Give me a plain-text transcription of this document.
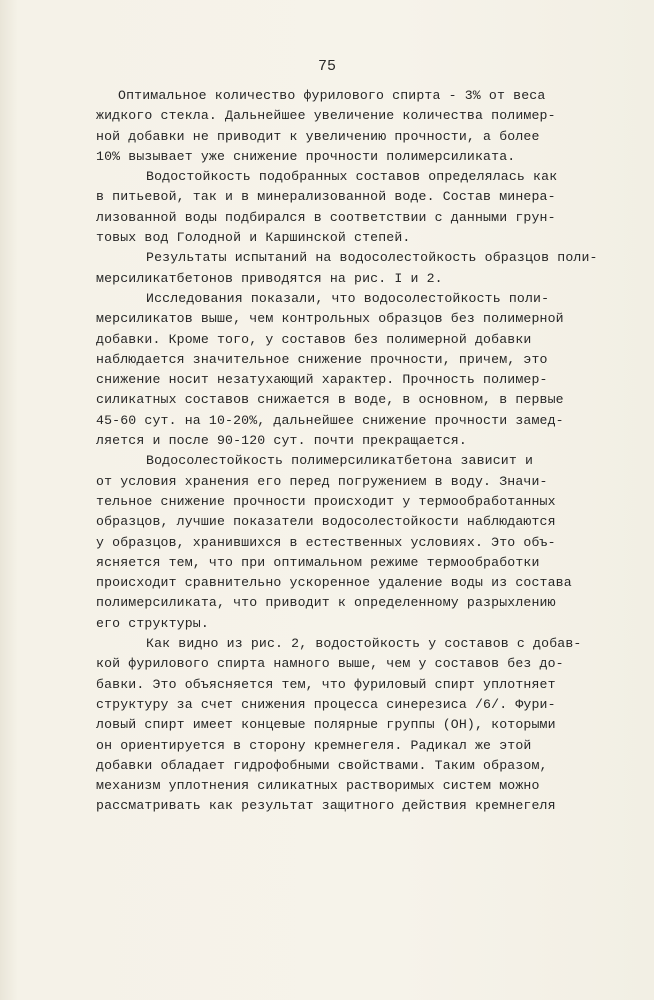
75
Оптимальное количество фурилового спирта - 3% от веса
жидкого стекла. Дальнейшее увеличение количества полимер-
ной добавки не приводит к увеличению прочности, а более
10% вызывает уже снижение прочности полимерсиликата.
Водостойкость подобранных составов определялась как
в питьевой, так и в минерализованной воде. Состав минера-
лизованной воды подбирался в соответствии с данными грун-
товых вод Голодной и Каршинской степей.
Результаты испытаний на водосолестойкость образцов поли-
мерсиликатбетонов приводятся на рис. I и 2.
Исследования показали, что водосолестойкость поли-
мерсиликатов выше, чем контрольных образцов без полимерной
добавки. Кроме того, у составов без полимерной добавки
наблюдается значительное снижение прочности, причем, это
снижение носит незатухающий характер. Прочность полимер-
силикатных составов снижается в воде, в основном, в первые
45-60 сут. на 10-20%, дальнейшее снижение прочности замед-
ляется и после 90-120 сут. почти прекращается.
Водосолестойкость полимерсиликатбетона зависит и
от условия хранения его перед погружением в воду. Значи-
тельное снижение прочности происходит у термообработанных
образцов, лучшие показатели водосолестойкости наблюдаются
у образцов, хранившихся в естественных условиях. Это объ-
ясняется тем, что при оптимальном режиме термообработки
происходит сравнительно ускоренное удаление воды из состава
полимерсиликата, что приводит к определенному разрыхлению
его структуры.
Как видно из рис. 2, водостойкость у составов с добав-
кой фурилового спирта намного выше, чем у составов без до-
бавки. Это объясняется тем, что фуриловый спирт уплотняет
структуру за счет снижения процесса синерезиса /6/. Фури-
ловый спирт имеет концевые полярные группы (ОН), которыми
он ориентируется в сторону кремнегеля. Радикал же этой
добавки обладает гидрофобными свойствами. Таким образом,
механизм уплотнения силикатных растворимых систем можно
рассматривать как результат защитного действия кремнегеля
